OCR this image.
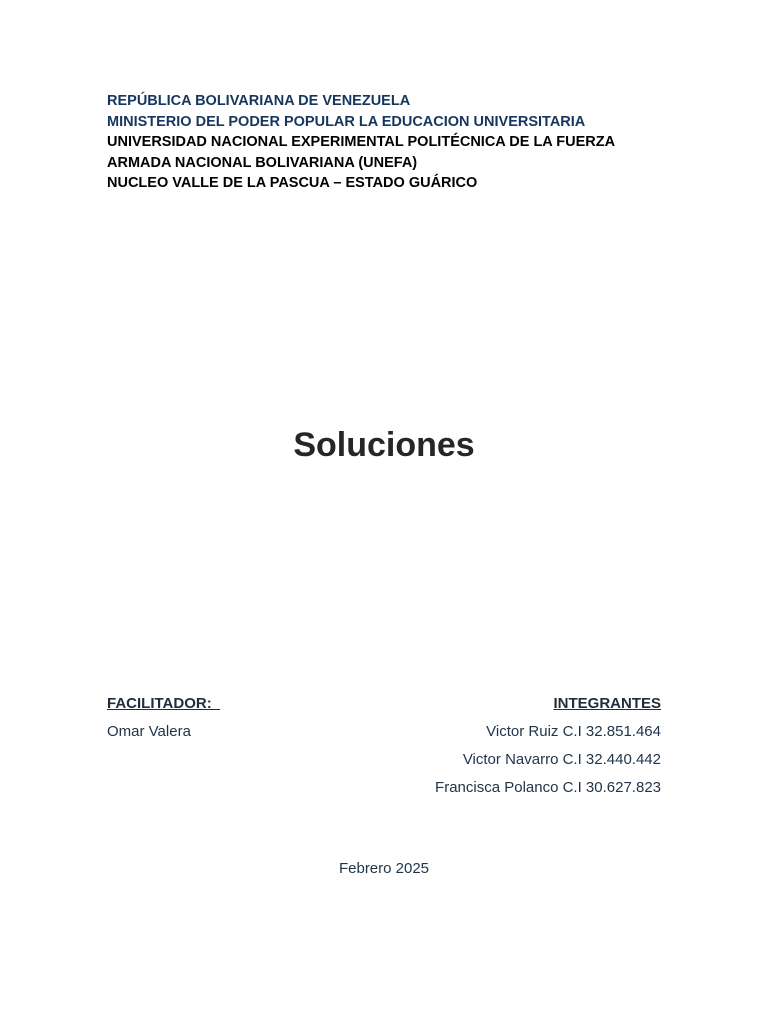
REPÚBLICA BOLIVARIANA DE VENEZUELA
MINISTERIO DEL PODER POPULAR LA EDUCACION UNIVERSITARIA
UNIVERSIDAD NACIONAL EXPERIMENTAL POLITÉCNICA DE LA FUERZA
ARMADA NACIONAL BOLIVARIANA (UNEFA)
NUCLEO VALLE DE LA PASCUA – ESTADO GUÁRICO
Soluciones
FACILITADOR:
Omar Valera
INTEGRANTES
Victor Ruiz C.I 32.851.464
Victor Navarro C.I 32.440.442
Francisca Polanco C.I 30.627.823
Febrero 2025
